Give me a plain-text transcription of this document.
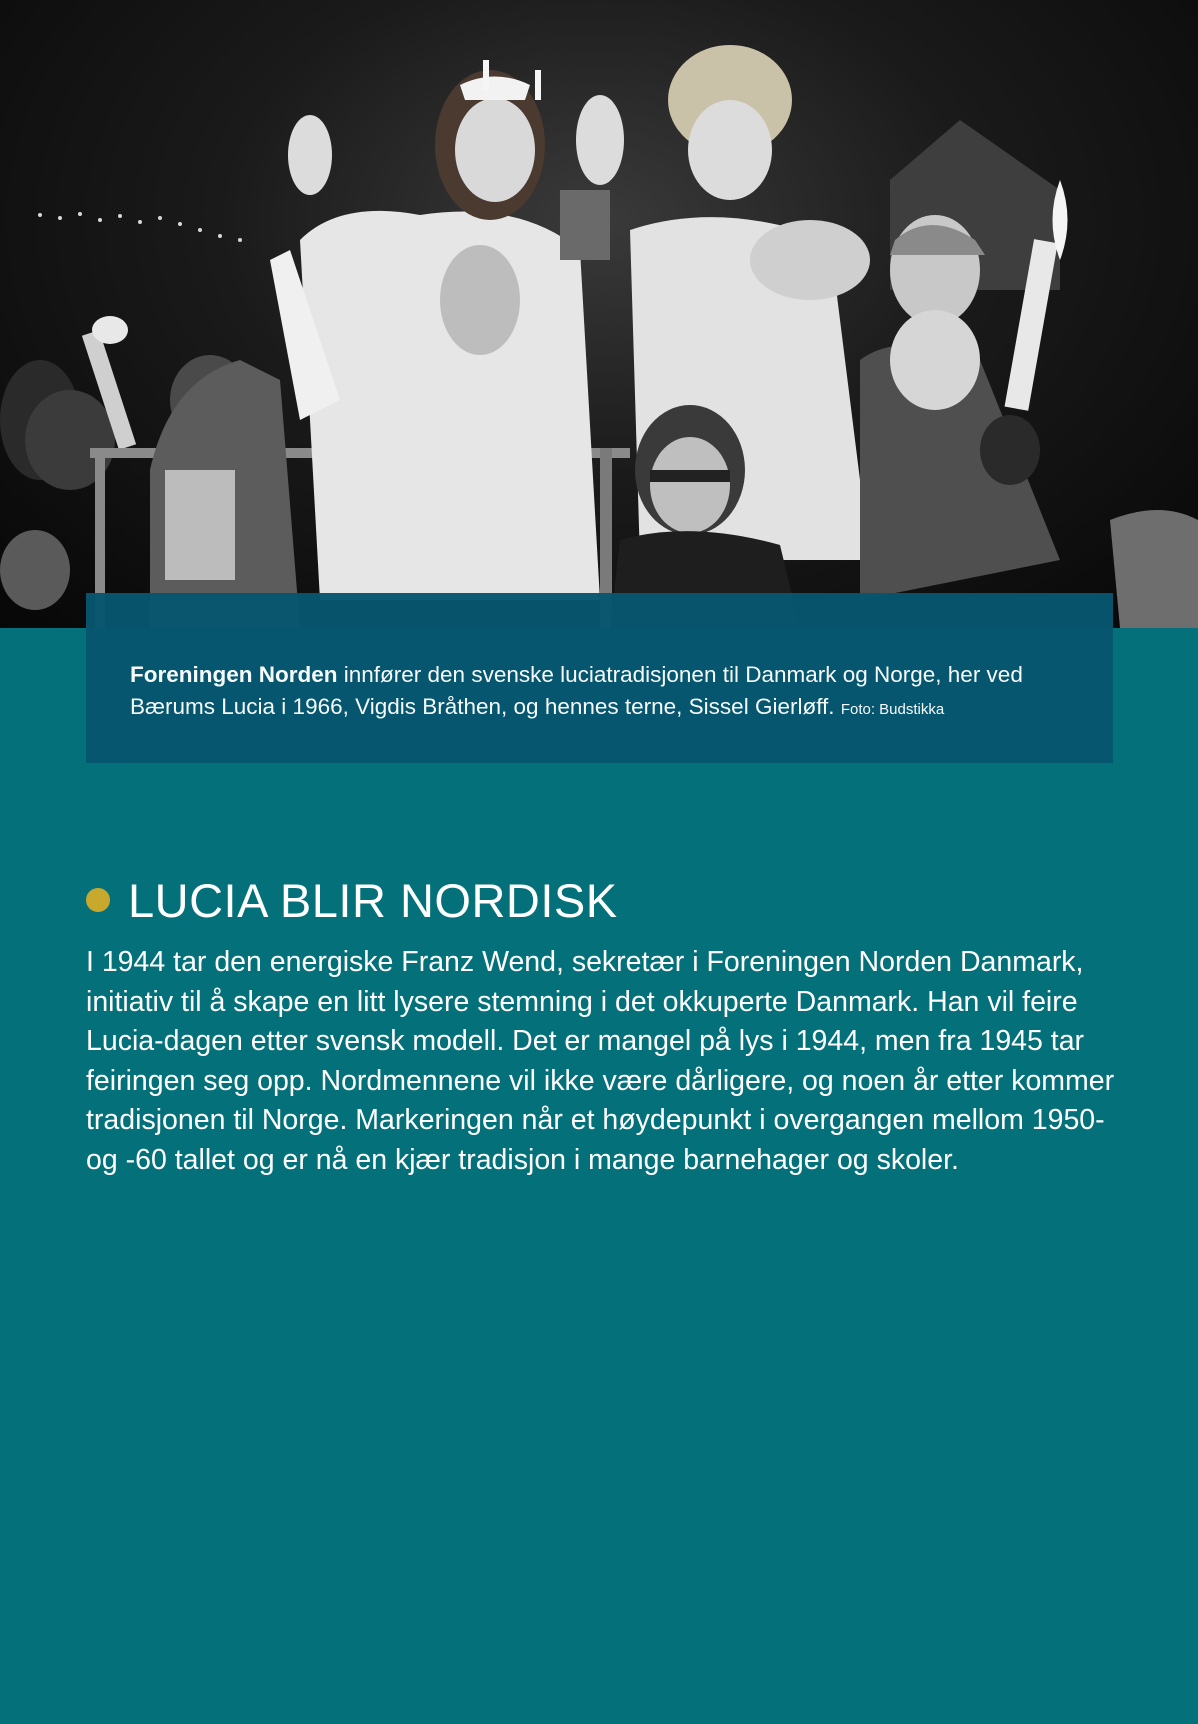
Foreningen Norden innfører den svenske luciatradisjonen til Danmark og Norge, her ved Bærums Lucia i 1966, Vigdis Bråthen, og hennes terne, Sissel Gierløff. Foto: Budstikka
LUCIA BLIR NORDISK
I 1944 tar den energiske Franz Wend, sekretær i Foreningen Norden Danmark, initiativ til å skape en litt lysere stemning i det okkuperte Danmark. Han vil feire Lucia-dagen etter svensk modell. Det er mangel på lys i 1944, men fra 1945 tar feiringen seg opp. Nordmennene vil ikke være dårligere, og noen år etter kommer tradisjonen til Norge. Markeringen når et høydepunkt i overgangen mellom 1950- og -60 tallet og er nå en kjær tradisjon i mange barnehager og skoler.
